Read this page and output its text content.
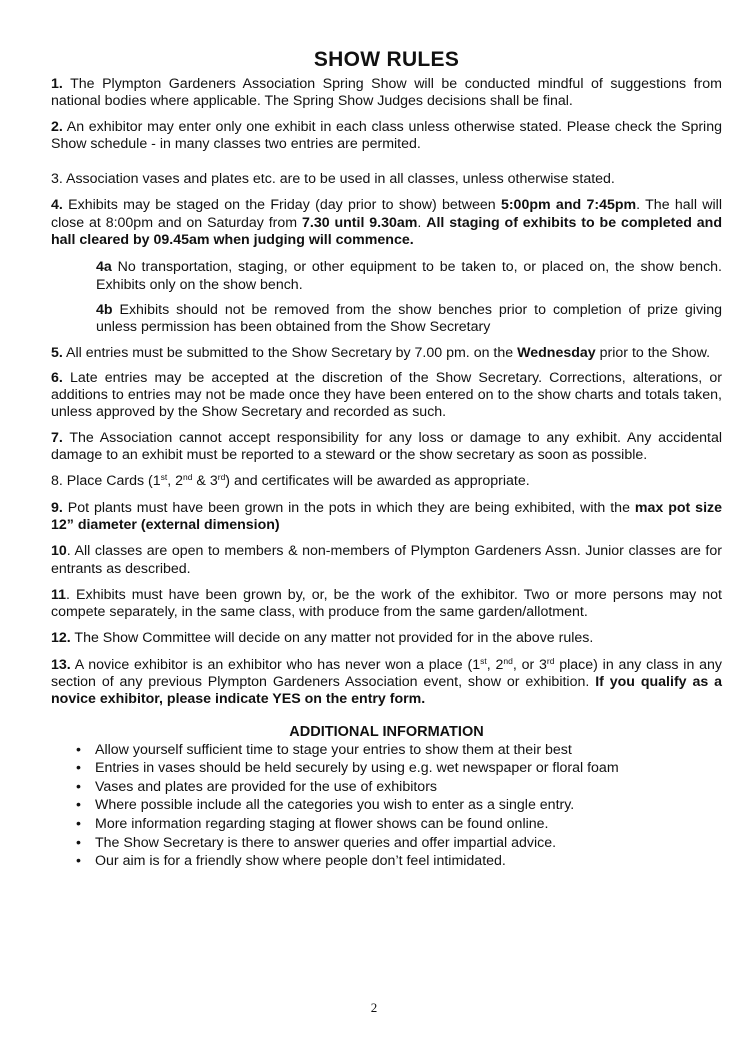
SHOW RULES

1. The Plympton Gardeners Association Spring Show will be conducted mindful of suggestions from national bodies where applicable. The Spring Show Judges decisions shall be final.

2. An exhibitor may enter only one exhibit in each class unless otherwise stated. Please check the Spring Show schedule - in many classes two entries are permited.

3. Association vases and plates etc. are to be used in all classes, unless otherwise stated.

4. Exhibits may be staged on the Friday (day prior to show) between 5:00pm and 7:45pm. The hall will close at 8:00pm and on Saturday from 7.30 until 9.30am. All staging of exhibits to be completed and hall cleared by 09.45am when judging will commence.

4a No transportation, staging, or other equipment to be taken to, or placed on, the show bench. Exhibits only on the show bench.

4b Exhibits should not be removed from the show benches prior to completion of prize giving unless permission has been obtained from the Show Secretary

5. All entries must be submitted to the Show Secretary by 7.00 pm. on the Wednesday prior to the Show.

6. Late entries may be accepted at the discretion of the Show Secretary. Corrections, alterations, or additions to entries may not be made once they have been entered on to the show charts and totals taken, unless approved by the Show Secretary and recorded as such.

7. The Association cannot accept responsibility for any loss or damage to any exhibit. Any accidental damage to an exhibit must be reported to a steward or the show secretary as soon as possible.

8. Place Cards (1st, 2nd & 3rd) and certificates will be awarded as appropriate.

9. Pot plants must have been grown in the pots in which they are being exhibited, with the max pot size 12” diameter (external dimension)

10. All classes are open to members & non-members of Plympton Gardeners Assn. Junior classes are for entrants as described.

11. Exhibits must have been grown by, or, be the work of the exhibitor. Two or more persons may not compete separately, in the same class, with produce from the same garden/allotment.

12. The Show Committee will decide on any matter not provided for in the above rules.

13. A novice exhibitor is an exhibitor who has never won a place (1st, 2nd, or 3rd place) in any class in any section of any previous Plympton Gardeners Association event, show or exhibition. If you qualify as a novice exhibitor, please indicate YES on the entry form.

ADDITIONAL INFORMATION
• Allow yourself sufficient time to stage your entries to show them at their best
• Entries in vases should be held securely by using e.g. wet newspaper or floral foam
• Vases and plates are provided for the use of exhibitors
• Where possible include all the categories you wish to enter as a single entry.
• More information regarding staging at flower shows can be found online.
• The Show Secretary is there to answer queries and offer impartial advice.
• Our aim is for a friendly show where people don’t feel intimidated.
2
